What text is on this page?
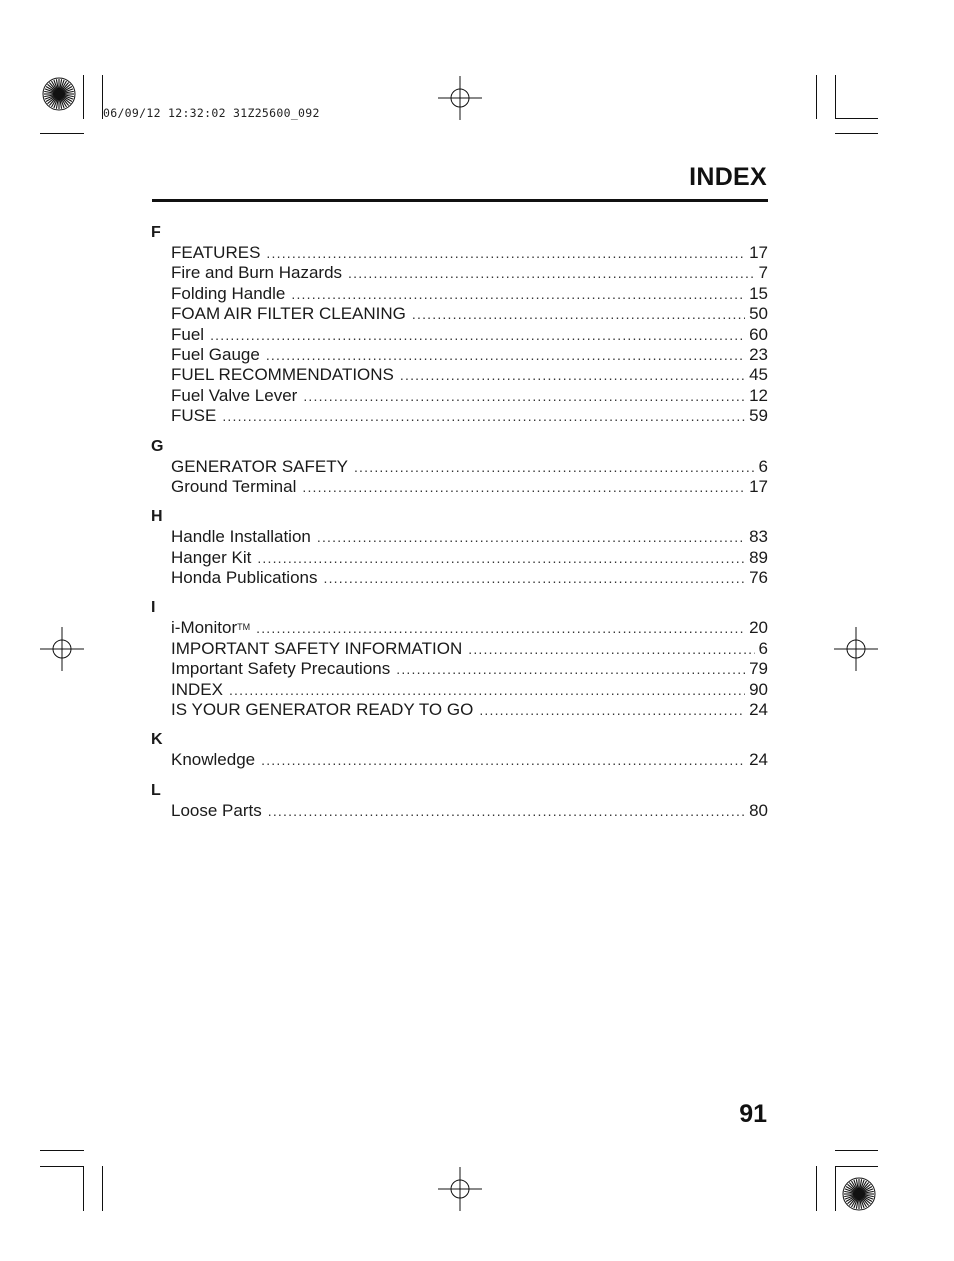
06/09/12 12:32:02 31Z25600_092
INDEX
F
FEATURES .....	17
Fire and Burn Hazards .....	7
Folding Handle .....	15
FOAM AIR FILTER CLEANING .....	50
Fuel .....	60
Fuel Gauge .....	23
FUEL RECOMMENDATIONS .....	45
Fuel Valve Lever .....	12
FUSE .....	59
G
GENERATOR SAFETY .....	6
Ground Terminal .....	17
H
Handle Installation .....	83
Hanger Kit .....	89
Honda Publications .....	76
I
i-Monitor™ .....	20
IMPORTANT SAFETY INFORMATION .....	6
Important Safety Precautions .....	79
INDEX .....	90
IS YOUR GENERATOR READY TO GO .....	24
K
Knowledge .....	24
L
Loose Parts .....	80
91
